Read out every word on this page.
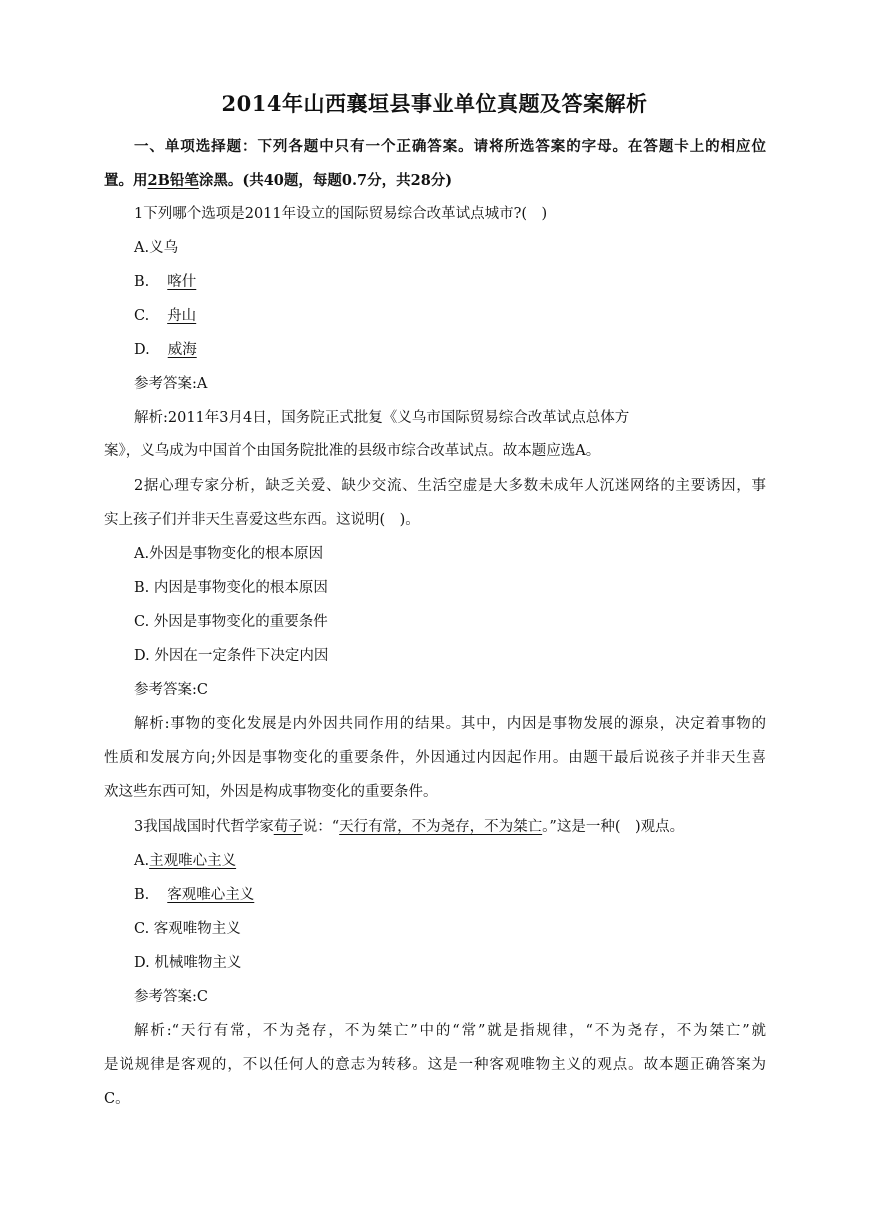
2014年山西襄垣县事业单位真题及答案解析
一、单项选择题：下列各题中只有一个正确答案。请将所选答案的字母。在答题卡上的相应位
置。用2B铅笔涂黑。(共40题，每题0.7分，共28分)
1下列哪个选项是2011年设立的国际贸易综合改革试点城市?(　)
A.义乌
B. 喀什
C. 舟山
D. 威海
参考答案:A
解析:2011年3月4日，国务院正式批复《义乌市国际贸易综合改革试点总体方
案》，义乌成为中国首个由国务院批准的县级市综合改革试点。故本题应选A。
2据心理专家分析，缺乏关爱、缺少交流、生活空虚是大多数未成年人沉迷网络的主要诱因，事
实上孩子们并非天生喜爱这些东西。这说明(　)。
A.外因是事物变化的根本原因
B. 内因是事物变化的根本原因
C. 外因是事物变化的重要条件
D. 外因在一定条件下决定内因
参考答案:C
解析:事物的变化发展是内外因共同作用的结果。其中，内因是事物发展的源泉，决定着事物的
性质和发展方向;外因是事物变化的重要条件，外因通过内因起作用。由题干最后说孩子并非天生喜
欢这些东西可知，外因是构成事物变化的重要条件。
3我国战国时代哲学家荀子说：“天行有常，不为尧存，不为桀亡。”这是一种(　)观点。
A.主观唯心主义
B. 客观唯心主义
C. 客观唯物主义
D. 机械唯物主义
参考答案:C
解析:“天行有常，不为尧存，不为桀亡”中的“常”就是指规律，“不为尧存，不为桀亡”就
是说规律是客观的，不以任何人的意志为转移。这是一种客观唯物主义的观点。故本题正确答案为
C。
